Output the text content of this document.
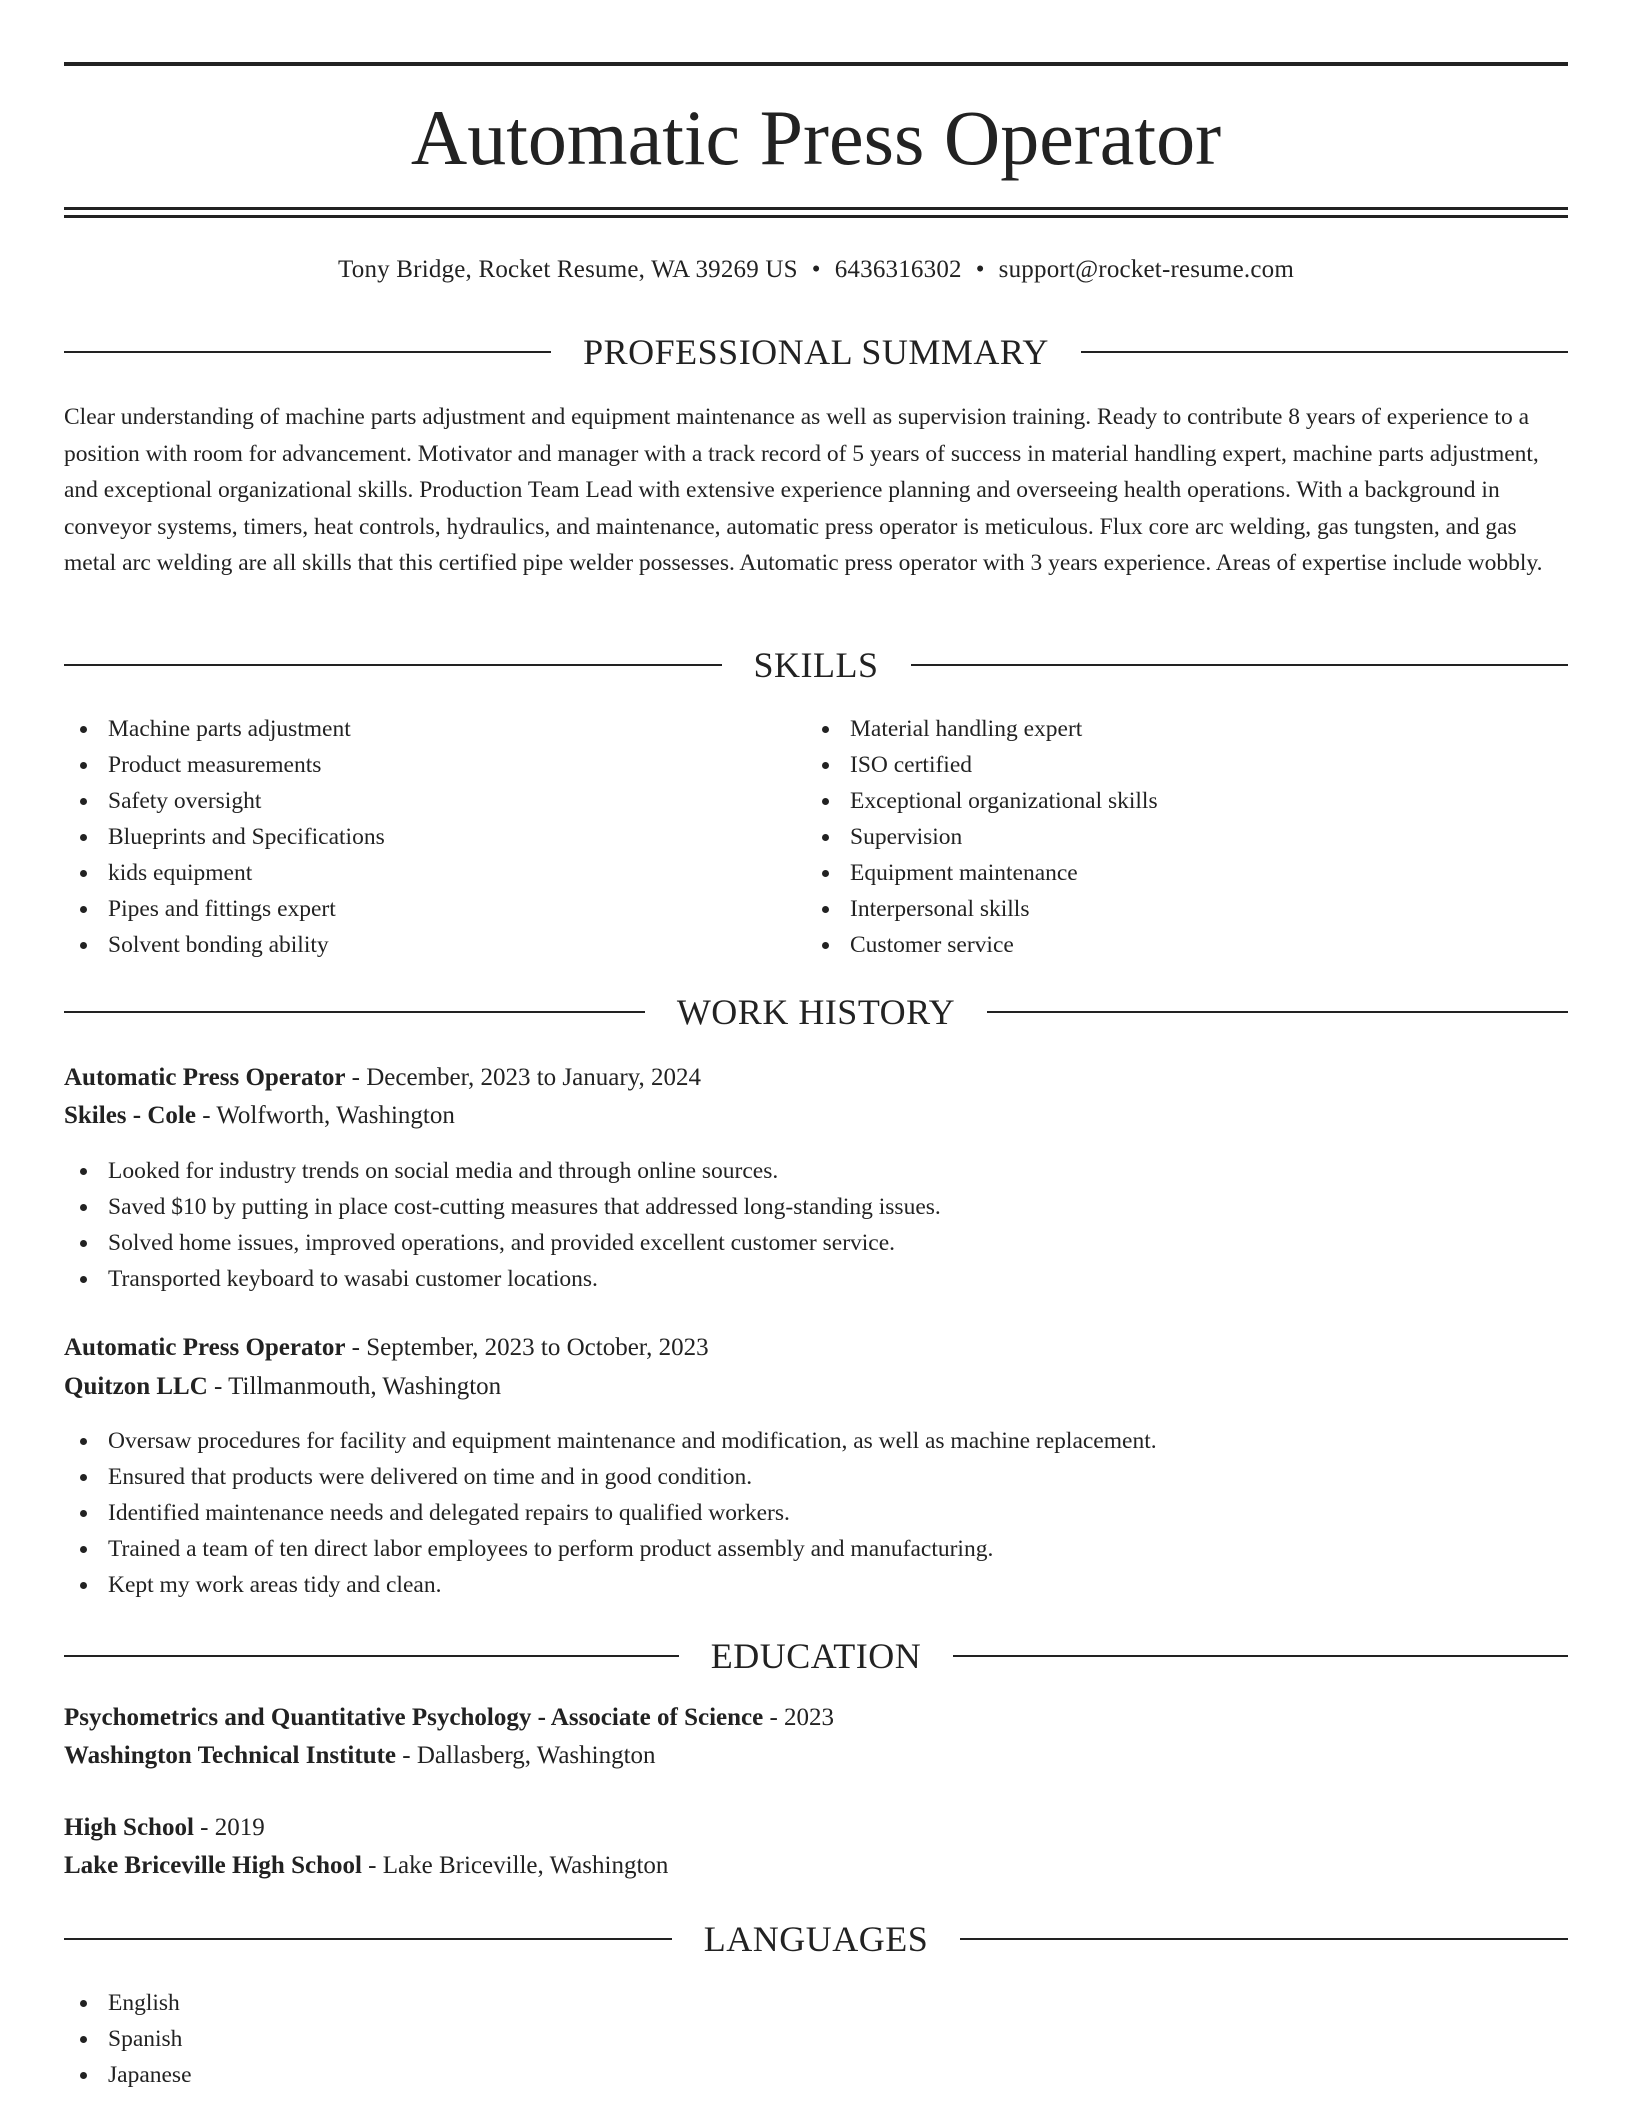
Automatic Press Operator
Tony Bridge, Rocket Resume, WA 39269 US • 6436316302 • support@rocket-resume.com
PROFESSIONAL SUMMARY
Clear understanding of machine parts adjustment and equipment maintenance as well as supervision training. Ready to contribute 8 years of experience to a position with room for advancement. Motivator and manager with a track record of 5 years of success in material handling expert, machine parts adjustment, and exceptional organizational skills. Production Team Lead with extensive experience planning and overseeing health operations. With a background in conveyor systems, timers, heat controls, hydraulics, and maintenance, automatic press operator is meticulous. Flux core arc welding, gas tungsten, and gas metal arc welding are all skills that this certified pipe welder possesses. Automatic press operator with 3 years experience. Areas of expertise include wobbly.
SKILLS
Machine parts adjustment
Product measurements
Safety oversight
Blueprints and Specifications
kids equipment
Pipes and fittings expert
Solvent bonding ability
Material handling expert
ISO certified
Exceptional organizational skills
Supervision
Equipment maintenance
Interpersonal skills
Customer service
WORK HISTORY
Automatic Press Operator - December, 2023 to January, 2024
Skiles - Cole - Wolfworth, Washington
Looked for industry trends on social media and through online sources.
Saved $10 by putting in place cost-cutting measures that addressed long-standing issues.
Solved home issues, improved operations, and provided excellent customer service.
Transported keyboard to wasabi customer locations.
Automatic Press Operator - September, 2023 to October, 2023
Quitzon LLC - Tillmanmouth, Washington
Oversaw procedures for facility and equipment maintenance and modification, as well as machine replacement.
Ensured that products were delivered on time and in good condition.
Identified maintenance needs and delegated repairs to qualified workers.
Trained a team of ten direct labor employees to perform product assembly and manufacturing.
Kept my work areas tidy and clean.
EDUCATION
Psychometrics and Quantitative Psychology - Associate of Science - 2023
Washington Technical Institute - Dallasberg, Washington
High School - 2019
Lake Briceville High School - Lake Briceville, Washington
LANGUAGES
English
Spanish
Japanese
